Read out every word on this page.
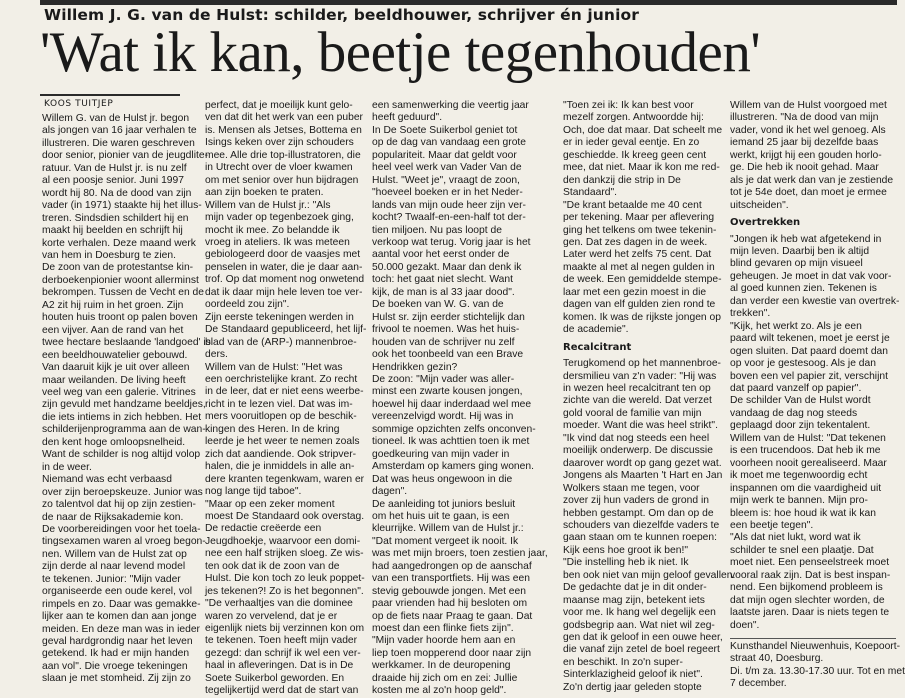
Willem J. G. van de Hulst: schilder, beeldhouwer, schrijver én junior
'Wat ik kan, beetje tegenhouden'
KOOS TUITJEP
Willem G. van de Hulst jr. begon
als jongen van 16 jaar verhalen te
illustreren. Die waren geschreven
door senior, pionier van de jeugdlite-
ratuur. Van de Hulst jr. is nu zelf
al een poosje senior. Juni 1997
wordt hij 80. Na de dood van zijn
vader (in 1971) staakte hij het illus-
treren. Sindsdien schildert hij en
maakt hij beelden en schrijft hij
korte verhalen. Deze maand werk
van hem in Doesburg te zien.
De zoon van de protestantse kin-
derboekenpionier woont allerminst
bekrompen. Tussen de Vecht en de
A2 zit hij ruim in het groen. Zijn
houten huis troont op palen boven
een vijver. Aan de rand van het
twee hectare beslaande 'landgoed' is
een beeldhouwatelier gebouwd.
Van daaruit kijk je uit over alleen
maar weilanden. De living heeft
veel weg van een galerie. Vitrines
zijn gevuld met handzame beeldjes,
die iets intiems in zich hebben. Het
schilderijenprogramma aan de wan-
den kent hoge omloopsnelheid.
Want de schilder is nog altijd volop
in de weer.
Niemand was echt verbaasd
over zijn beroepskeuze. Junior was
zo talentvol dat hij op zijn zestien-
de naar de Rijksakademie kon.
De voorbereidingen voor het toela-
tingsexamen waren al vroeg begon-
nen. Willem van de Hulst zat op
zijn derde al naar levend model
te tekenen. Junior: "Mijn vader
organiseerde een oude kerel, vol
rimpels en zo. Daar was gemakke-
lijker aan te komen dan aan jonge
meiden. En deze man was in ieder
geval hardgrondig naar het leven
getekend. Ik had er mijn handen
aan vol". Die vroege tekeningen
slaan je met stomheid. Zij zijn zo
perfect, dat je moeilijk kunt gelo-
ven dat dit het werk van een puber
is. Mensen als Jetses, Bottema en
Isings keken over zijn schouders
mee. Alle drie top-illustratoren, die
in Utrecht over de vloer kwamen
om met senior over hun bijdragen
aan zijn boeken te praten.
Willem van de Hulst jr.: "Als
mijn vader op tegenbezoek ging,
mocht ik mee. Zo belandde ik
vroeg in ateliers. Ik was meteen
gebiologeerd door de vaasjes met
penselen in water, die je daar aan-
trof. Op dat moment nog onwetend
dat ik daar mijn hele leven toe ver-
oordeeld zou zijn".
Zijn eerste tekeningen werden in
De Standaard gepubliceerd, het lijf-
blad van de (ARP-) mannenbroe-
ders.
Willem van de Hulst: "Het was
een oerchristelijke krant. Zo recht
in de leer, dat er niet eens weerbe-
richt in te lezen viel. Dat was im-
mers vooruitlopen op de beschik-
kingen des Heren. In de kring
leerde je het weer te nemen zoals
zich dat aandiende. Ook stripver-
halen, die je inmiddels in alle an-
dere kranten tegenkwam, waren er
nog lange tijd taboe".
"Maar op een zeker moment
moest De Standaard ook overstag.
De redactie creëerde een
Jeugdhoekje, waarvoor een domi-
nee een half strijken sloeg. Ze wis-
ten ook dat ik de zoon van de
Hulst. Die kon toch zo leuk poppet-
jes tekenen?! Zo is het begonnen".
"De verhaaltjes van die dominee
waren zo vervelend, dat je er
eigenlijk niets bij verzinnen kon om
te tekenen. Toen heeft mijn vader
gezegd: dan schrijf ik wel een ver-
haal in afleveringen. Dat is in De
Soete Suikerbol geworden. En
tegelijkertijd werd dat de start van
een samenwerking die veertig jaar
heeft geduurd".
In De Soete Suikerbol geniet tot
op de dag van vandaag een grote
populariteit. Maar dat geldt voor
heel veel werk van Vader Van de
Hulst. "Weet je", vraagt de zoon,
"hoeveel boeken er in het Neder-
lands van mijn oude heer zijn ver-
kocht? Twaalf-en-een-half tot der-
tien miljoen. Nu pas loopt de
verkoop wat terug. Vorig jaar is het
aantal voor het eerst onder de
50.000 gezakt. Maar dan denk ik
toch: het gaat niet slecht. Want
kijk, de man is al 33 jaar dood".
De boeken van W. G. van de
Hulst sr. zijn eerder stichtelijk dan
frivool te noemen. Was het huis-
houden van de schrijver nu zelf
ook het toonbeeld van een Brave
Hendrikken gezin?
De zoon: "Mijn vader was aller-
minst een zwarte kousen jongen,
hoewel hij daar inderdaad wel mee
vereenzelvigd wordt. Hij was in
sommige opzichten zelfs onconven-
tioneel. Ik was achttien toen ik met
goedkeuring van mijn vader in
Amsterdam op kamers ging wonen.
Dat was heus ongewoon in die
dagen".
De aanleiding tot juniors besluit
om het huis uit te gaan, is een
kleurrijke. Willem van de Hulst jr.:
"Dat moment vergeet ik nooit. Ik
was met mijn broers, toen zestien jaar,
had aangedrongen op de aanschaf
van een transportfiets. Hij was een
stevig gebouwde jongen. Met een
paar vrienden had hij besloten om
op de fiets naar Praag te gaan. Dat
moest dan een flinke fiets zijn".
"Mijn vader hoorde hem aan en
liep toen mopperend door naar zijn
werkkamer. In de deuropening
draaide hij zich om en zei: Jullie
kosten me al zo'n hoop geld".
"Toen zei ik: Ik kan best voor
mezelf zorgen. Antwoordde hij:
Och, doe dat maar. Dat scheelt me
er in ieder geval eentje. En zo
geschiedde. Ik kreeg geen cent
mee, dat niet. Maar ik kon me red-
den dankzij die strip in De
Standaard".
"De krant betaalde me 40 cent
per tekening. Maar per aflevering
ging het telkens om twee tekenin-
gen. Dat zes dagen in de week.
Later werd het zelfs 75 cent. Dat
maakte al met al negen gulden in
de week. Een gemiddelde stempe-
laar met een gezin moest in die
dagen van elf gulden zien rond te
komen. Ik was de rijkste jongen op
de academie".
Recalcitrant
Terugkomend op het mannenbroe-
dersmilieu van z'n vader: "Hij was
in wezen heel recalcitrant ten op
zichte van die wereld. Dat verzet
gold vooral de familie van mijn
moeder. Want die was heel strikt".
"Ik vind dat nog steeds een heel
moeilijk onderwerp. De discussie
daarover wordt op gang gezet wat.
Jongens als Maarten 't Hart en Jan
Wolkers staan me tegen, voor
zover zij hun vaders de grond in
hebben gestampt. Om dan op de
schouders van diezelfde vaders te
gaan staan om te kunnen roepen:
Kijk eens hoe groot ik ben!"
"Die instelling heb ik niet. Ik
ben ook niet van mijn geloof gevallen.
De gedachte dat je in dit onder-
maanse mag zijn, betekent iets
voor me. Ik hang wel degelijk een
godsbegrip aan. Wat niet wil zeg-
gen dat ik geloof in een ouwe heer,
die vanaf zijn zetel de boel regeert
en beschikt. In zo'n super-
Sinterklazigheid geloof ik niet".
Zo'n dertig jaar geleden stopte
Willem van de Hulst voorgoed met
illustreren. "Na de dood van mijn
vader, vond ik het wel genoeg. Als
iemand 25 jaar bij dezelfde baas
werkt, krijgt hij een gouden horlo-
ge. Die heb ik nooit gehad. Maar
als je dat werk dan van je zestiende
tot je 54e doet, dan moet je ermee
uitscheiden".
Overtrekken
"Jongen ik heb wat afgetekend in
mijn leven. Daarbij ben ik altijd
blind gevaren op mijn visueel
geheugen. Je moet in dat vak voor-
al goed kunnen zien. Tekenen is
dan verder een kwestie van overtrek-
trekken".
"Kijk, het werkt zo. Als je een
paard wilt tekenen, moet je eerst je
ogen sluiten. Dat paard doemt dan
op voor je gestesoog. Als je dan
boven een vel papier zit, verschijnt
dat paard vanzelf op papier".
De schilder Van de Hulst wordt
vandaag de dag nog steeds
geplaagd door zijn tekentalent.
Willem van de Hulst: "Dat tekenen
is een trucendoos. Dat heb ik me
voorheen nooit gerealiseerd. Maar
ik moet me tegenwoordig echt
inspannen om die vaardigheid uit
mijn werk te bannen. Mijn pro-
bleem is: hoe houd ik wat ik kan
een beetje tegen".
"Als dat niet lukt, word wat ik
schilder te snel een plaatje. Dat
moet niet. Een penseelstreek moet
vooral raak zijn. Dat is best inspan-
nend. Een bijkomend probleem is
dat mijn ogen slechter worden, de
laatste jaren. Daar is niets tegen te
doen".
Kunsthandel Nieuwenhuis, Koepoort-
straat 40, Doesburg.
Di. t/m za. 13.30-17.30 uur. Tot en met
7 december.
